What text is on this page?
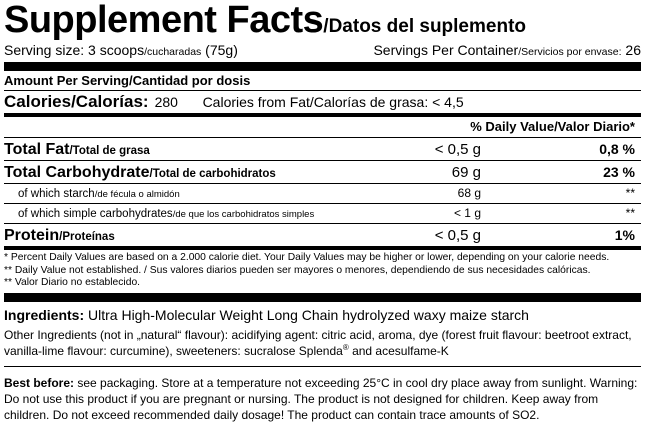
Supplement Facts/Datos del suplemento
Serving size: 3 scoops/cucharadas (75g)	Servings Per Container/Servicios por envase: 26
Amount Per Serving/Cantidad por dosis
Calories/Calorías: 280	Calories from Fat/Calorías de grasa: < 4,5
% Daily Value/Valor Diario*
Total Fat/Total de grasa	< 0,5 g	0,8 %
Total Carbohydrate/Total de carbohidratos	69 g	23 %
of which starch/de fécula o almidón	68 g	**
of which simple carbohydrates/de que los carbohidratos simples	< 1 g	**
Protein/Proteínas	< 0,5 g	1%
* Percent Daily Values are based on a 2.000 calorie diet. Your Daily Values may be higher or lower, depending on your calorie needs.
** Daily Value not established. / Sus valores diarios pueden ser mayores o menores, dependiendo de sus necesidades calóricas.
** Valor Diario no establecido.
Ingredients: Ultra High-Molecular Weight Long Chain hydrolyzed waxy maize starch
Other Ingredients (not in „natural“ flavour): acidifying agent: citric acid, aroma, dye (forest fruit flavour: beetroot extract, vanilla-lime flavour: curcumine), sweeteners: sucralose Splenda® and acesulfame-K
Best before: see packaging. Store at a temperature not exceeding 25°C in cool dry place away from sunlight. Warning: Do not use this product if you are pregnant or nursing. The product is not designed for children. Keep away from children. Do not exceed recommended daily dosage! The product can contain trace amounts of SO2.
